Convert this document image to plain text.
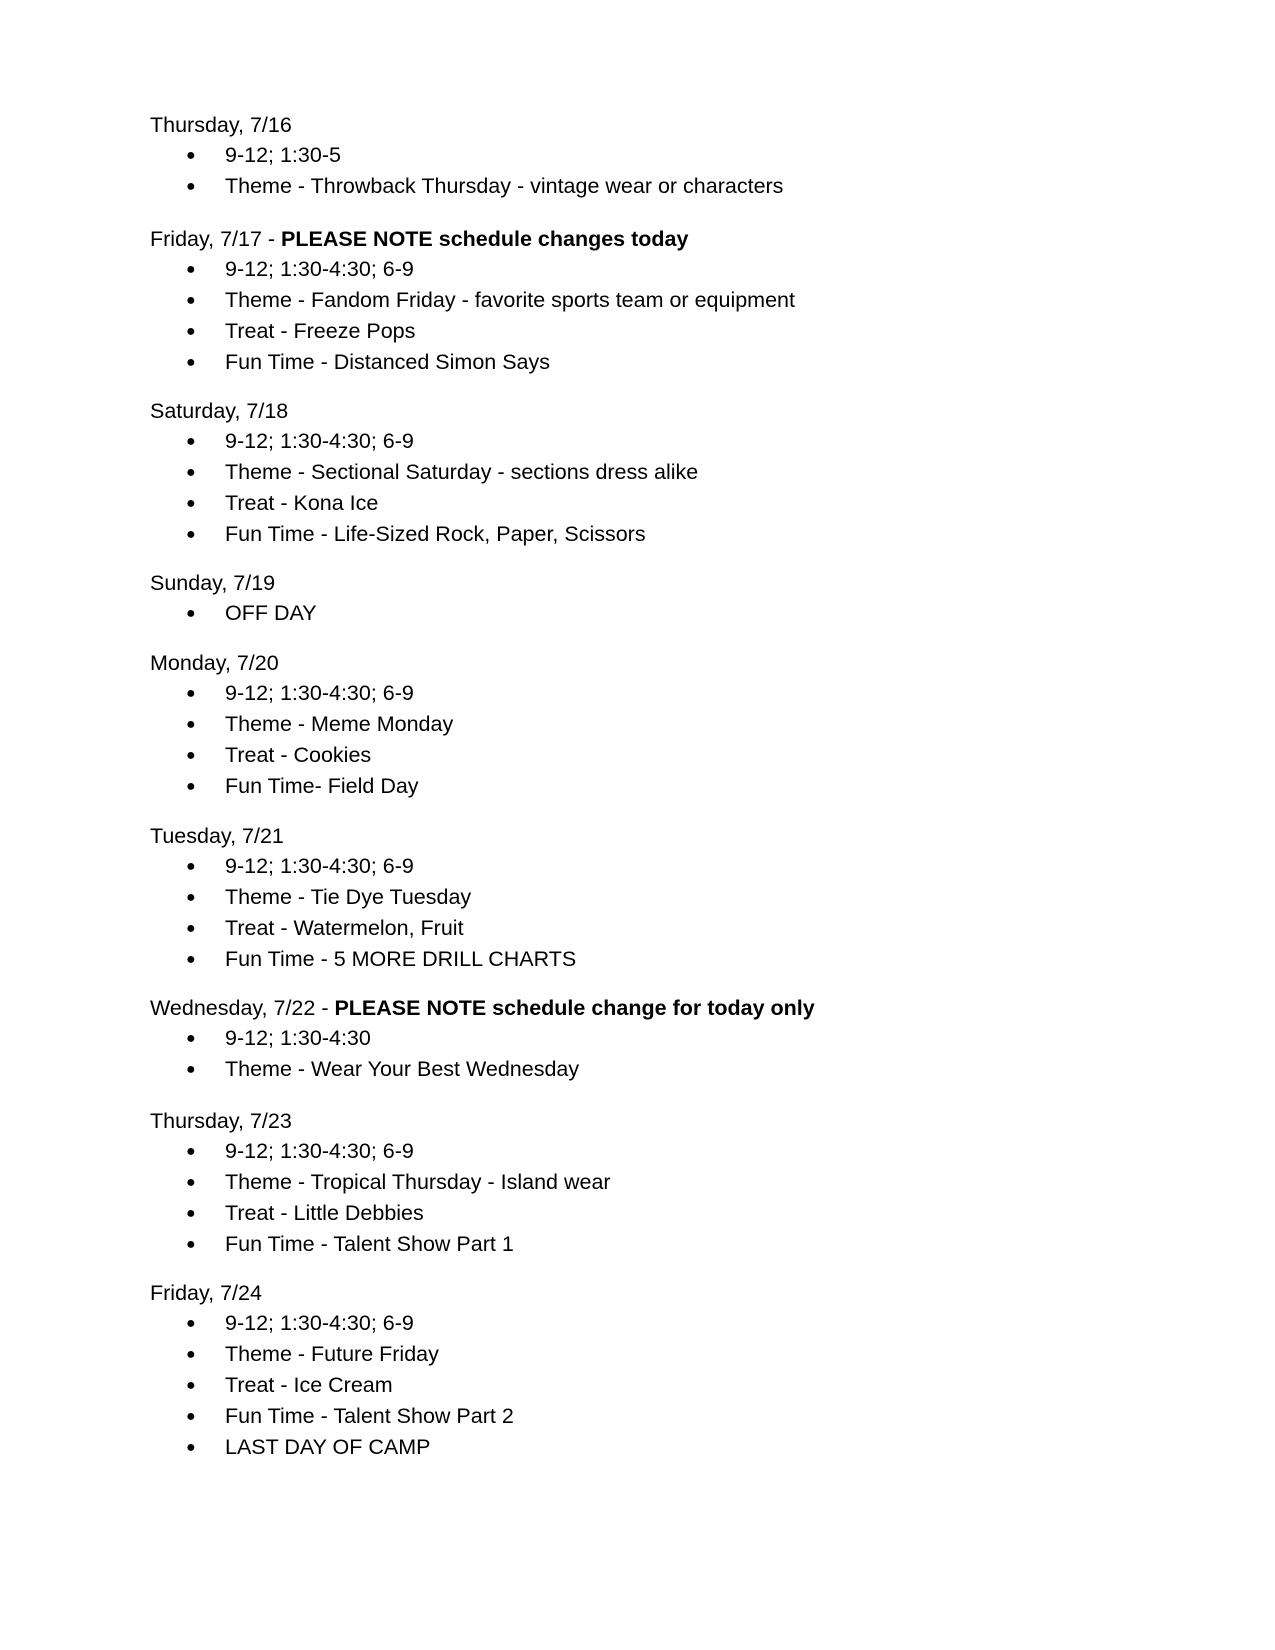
Thursday, 7/16
● 9-12; 1:30-5
● Theme - Throwback Thursday - vintage wear or characters
Friday, 7/17 - PLEASE NOTE schedule changes today
● 9-12; 1:30-4:30; 6-9
● Theme - Fandom Friday - favorite sports team or equipment
● Treat - Freeze Pops
● Fun Time - Distanced Simon Says
Saturday, 7/18
● 9-12; 1:30-4:30; 6-9
● Theme - Sectional Saturday - sections dress alike
● Treat - Kona Ice
● Fun Time - Life-Sized Rock, Paper, Scissors
Sunday, 7/19
● OFF DAY
Monday, 7/20
● 9-12; 1:30-4:30; 6-9
● Theme - Meme Monday
● Treat - Cookies
● Fun Time- Field Day
Tuesday, 7/21
● 9-12; 1:30-4:30; 6-9
● Theme - Tie Dye Tuesday
● Treat - Watermelon, Fruit
● Fun Time - 5 MORE DRILL CHARTS
Wednesday, 7/22 - PLEASE NOTE schedule change for today only
● 9-12; 1:30-4:30
● Theme - Wear Your Best Wednesday
Thursday, 7/23
● 9-12; 1:30-4:30; 6-9
● Theme - Tropical Thursday - Island wear
● Treat - Little Debbies
● Fun Time - Talent Show Part 1
Friday, 7/24
● 9-12; 1:30-4:30; 6-9
● Theme - Future Friday
● Treat - Ice Cream
● Fun Time - Talent Show Part 2
● LAST DAY OF CAMP
